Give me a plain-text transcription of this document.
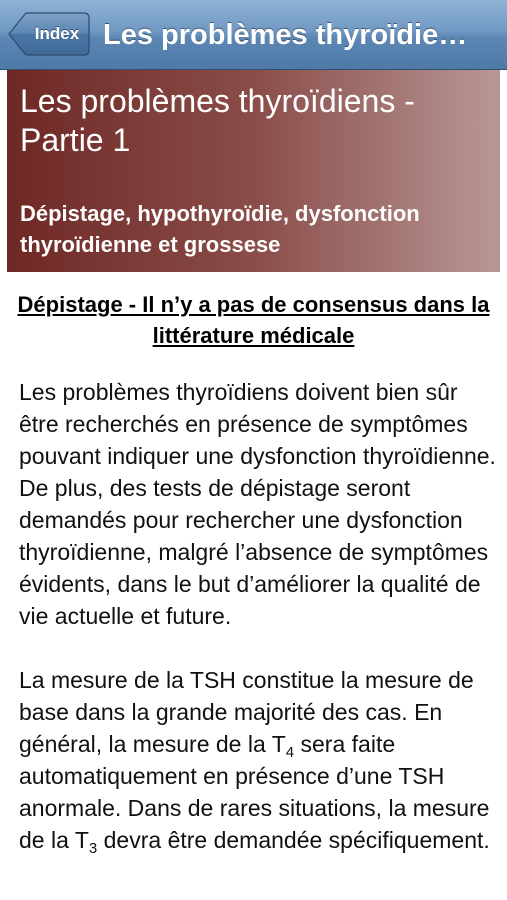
Index Les problèmes thyroïdie…
Les problèmes thyroïdiens - Partie 1
Dépistage, hypothyroïdie, dysfonction thyroïdienne et grossese
Dépistage - Il n’y a pas de consensus dans la littérature médicale

Les problèmes thyroïdiens doivent bien sûr être recherchés en présence de symptômes pouvant indiquer une dysfonction thyroïdienne. De plus, des tests de dépistage seront demandés pour rechercher une dysfonction thyroïdienne, malgré l’absence de symptômes évidents, dans le but d’améliorer la qualité de vie actuelle et future.

La mesure de la TSH constitue la mesure de base dans la grande majorité des cas. En général, la mesure de la $T_4$ sera faite automatiquement en présence d’une TSH anormale. Dans de rares situations, la mesure de la $T_3$ devra être demandée spécifiquement.
